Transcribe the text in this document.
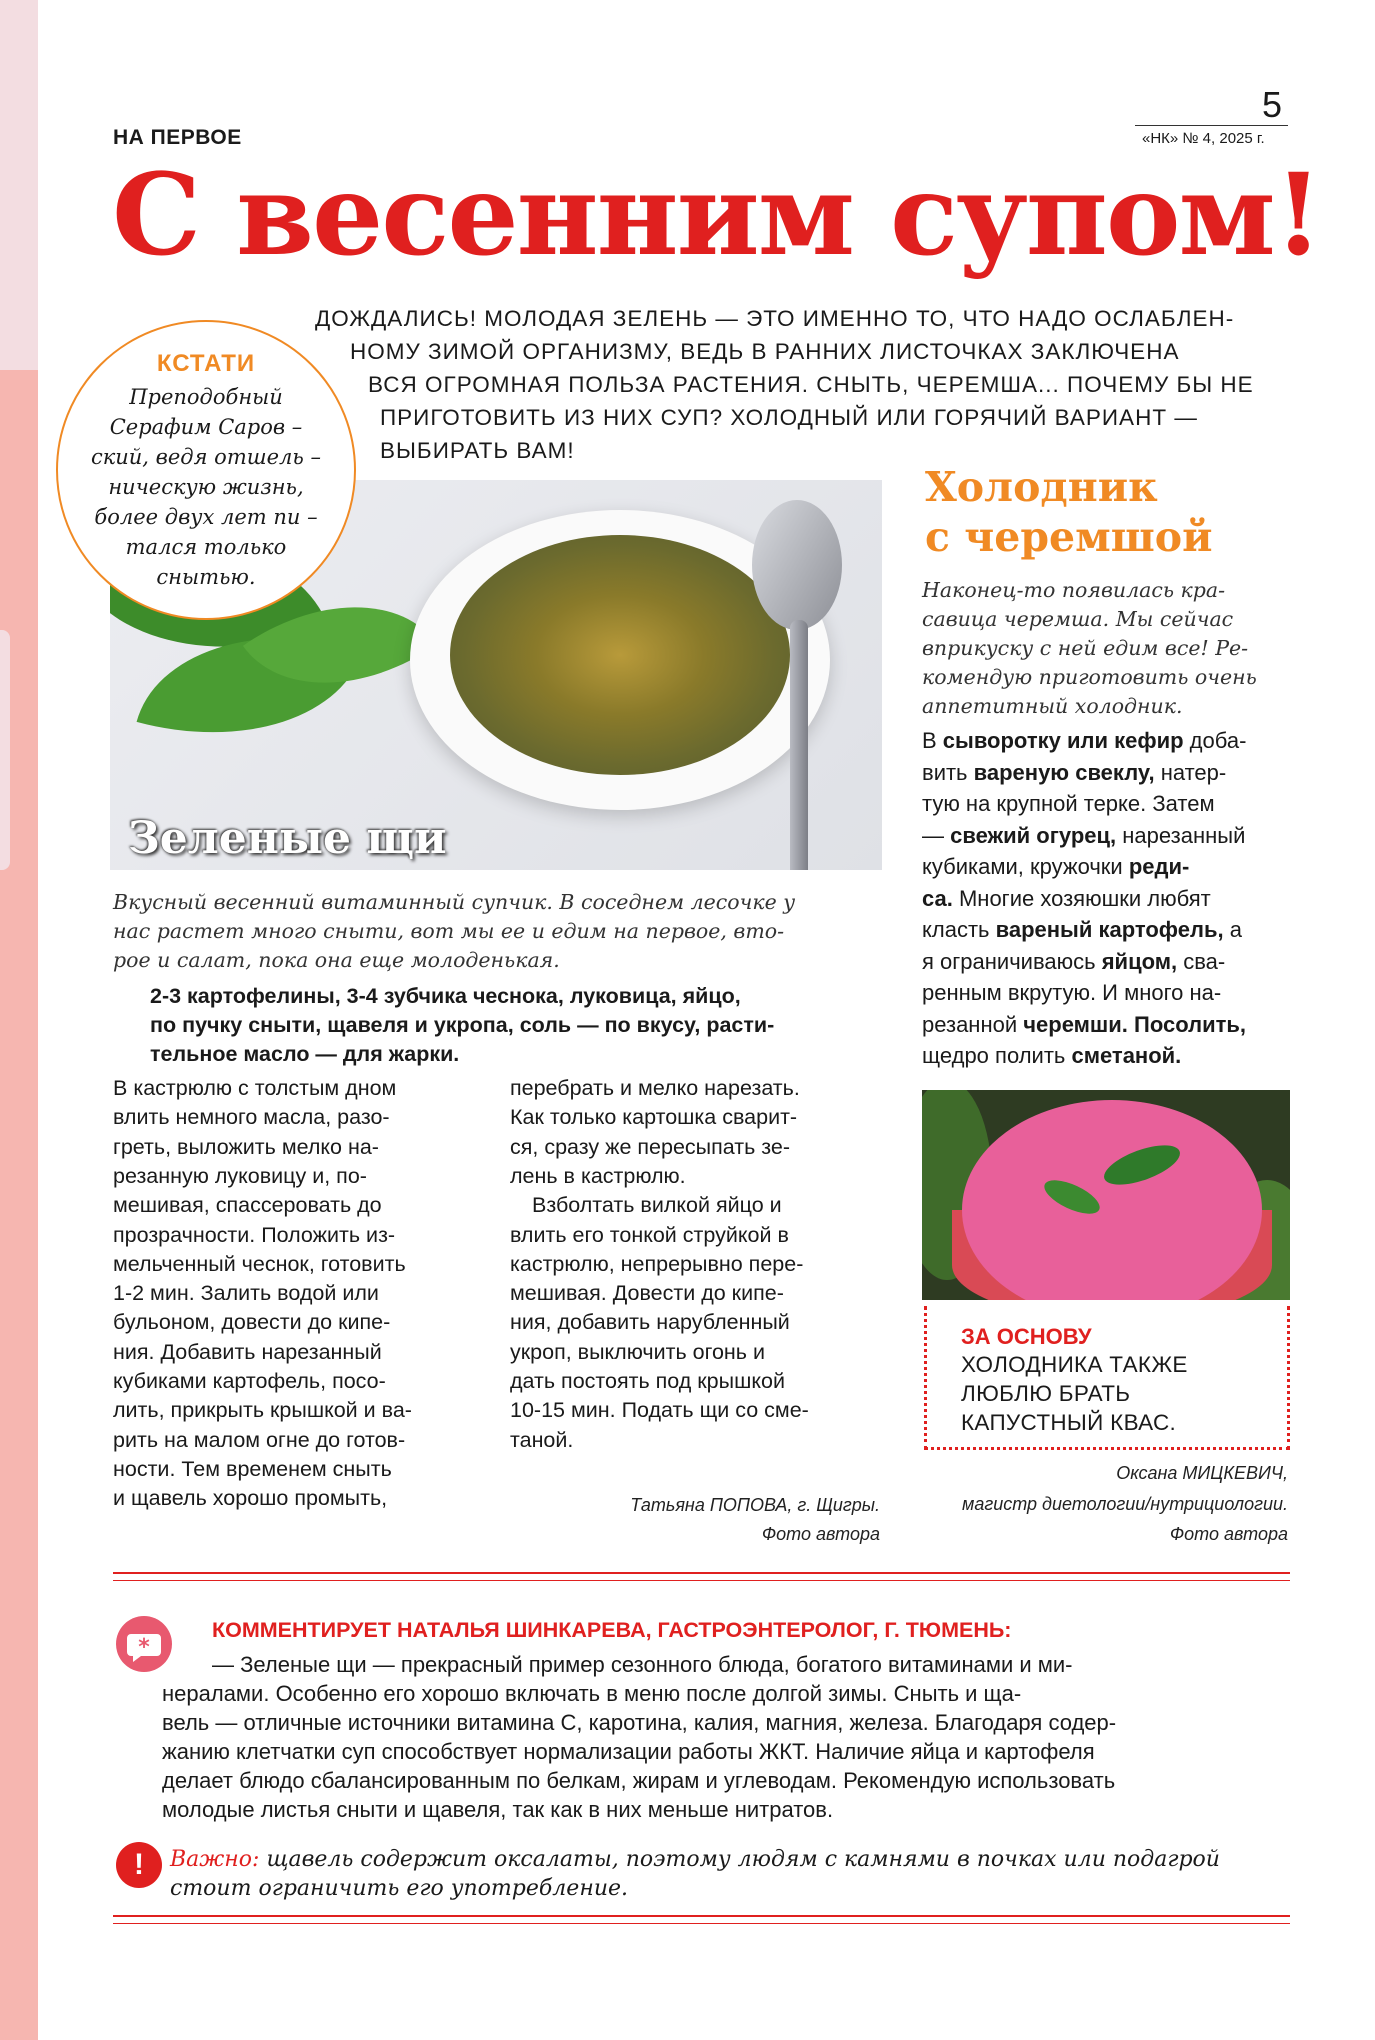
НА ПЕРВОЕ
5
«НК» № 4, 2025 г.
С весенним супом!
ДОЖДАЛИСЬ! МОЛОДАЯ ЗЕЛЕНЬ — ЭТО ИМЕННО ТО, ЧТО НАДО ОСЛАБЛЕН-
НОМУ ЗИМОЙ ОРГАНИЗМУ, ВЕДЬ В РАННИХ ЛИСТОЧКАХ ЗАКЛЮЧЕНА
ВСЯ ОГРОМНАЯ ПОЛЬЗА РАСТЕНИЯ. СНЫТЬ, ЧЕРЕМША... ПОЧЕМУ БЫ НЕ
ПРИГОТОВИТЬ ИЗ НИХ СУП? ХОЛОДНЫЙ ИЛИ ГОРЯЧИЙ ВАРИАНТ —
ВЫБИРАТЬ ВАМ!
Зеленые щи
КСТАТИ
Преподобный
Серафим Саров –
ский, ведя отшель –
ническую жизнь,
более двух лет пи –
тался только
снытью.
Вкусный весенний витаминный супчик. В соседнем лесочке у
нас растет много сныти, вот мы ее и едим на первое, вто-
рое и салат, пока она еще молоденькая.
2-3 картофелины, 3-4 зубчика чеснока, луковица, яйцо,
по пучку сныти, щавеля и укропа, соль — по вкусу, расти-
тельное масло — для жарки.
В кастрюлю с толстым дном
влить немного масла, разо-
греть, выложить мелко на-
резанную луковицу и, по-
мешивая, спассеровать до
прозрачности. Положить из-
мельченный чеснок, готовить
1-2 мин. Залить водой или
бульоном, довести до кипе-
ния. Добавить нарезанный
кубиками картофель, посо-
лить, прикрыть крышкой и ва-
рить на малом огне до готов-
ности. Тем временем сныть
и щавель хорошо промыть,
перебрать и мелко нарезать.
Как только картошка сварит-
ся, сразу же пересыпать зе-
лень в кастрюлю.
Взболтать вилкой яйцо и
влить его тонкой струйкой в
кастрюлю, непрерывно пере-
мешивая. Довести до кипе-
ния, добавить нарубленный
укроп, выключить огонь и
дать постоять под крышкой
10-15 мин. Подать щи со сме-
таной.
Татьяна ПОПОВА, г. Щигры.
Фото автора
Холодник
с черемшой
Наконец-то появилась кра-
савица черемша. Мы сейчас
вприкуску с ней едим все! Ре-
комендую приготовить очень
аппетитный холодник.
В сыворотку или кефир доба-
вить вареную свеклу, натер-
тую на крупной терке. Затем
— свежий огурец, нарезанный
кубиками, кружочки реди-
са. Многие хозяюшки любят
класть вареный картофель, а
я ограничиваюсь яйцом, сва-
ренным вкрутую. И много на-
резанной черемши. Посолить,
щедро полить сметаной.
ЗА ОСНОВУ
ХОЛОДНИКА ТАКЖЕ
ЛЮБЛЮ БРАТЬ
КАПУСТНЫЙ КВАС.
Оксана МИЦКЕВИЧ,
магистр диетологии/нутрициологии.
Фото автора
*
КОММЕНТИРУЕТ НАТАЛЬЯ ШИНКАРЕВА, ГАСТРОЭНТЕРОЛОГ, Г. ТЮМЕНЬ:
— Зеленые щи — прекрасный пример сезонного блюда, богатого витаминами и ми-
нералами. Особенно его хорошо включать в меню после долгой зимы. Сныть и ща-
вель — отличные источники витамина С, каротина, калия, магния, железа. Благодаря содер-
жанию клетчатки суп способствует нормализации работы ЖКТ. Наличие яйца и картофеля
делает блюдо сбалансированным по белкам, жирам и углеводам. Рекомендую использовать
молодые листья сныти и щавеля, так как в них меньше нитратов.
!	Важно: щавель содержит оксалаты, поэтому людям с камнями в почках или подагрой
стоит ограничить его употребление.
